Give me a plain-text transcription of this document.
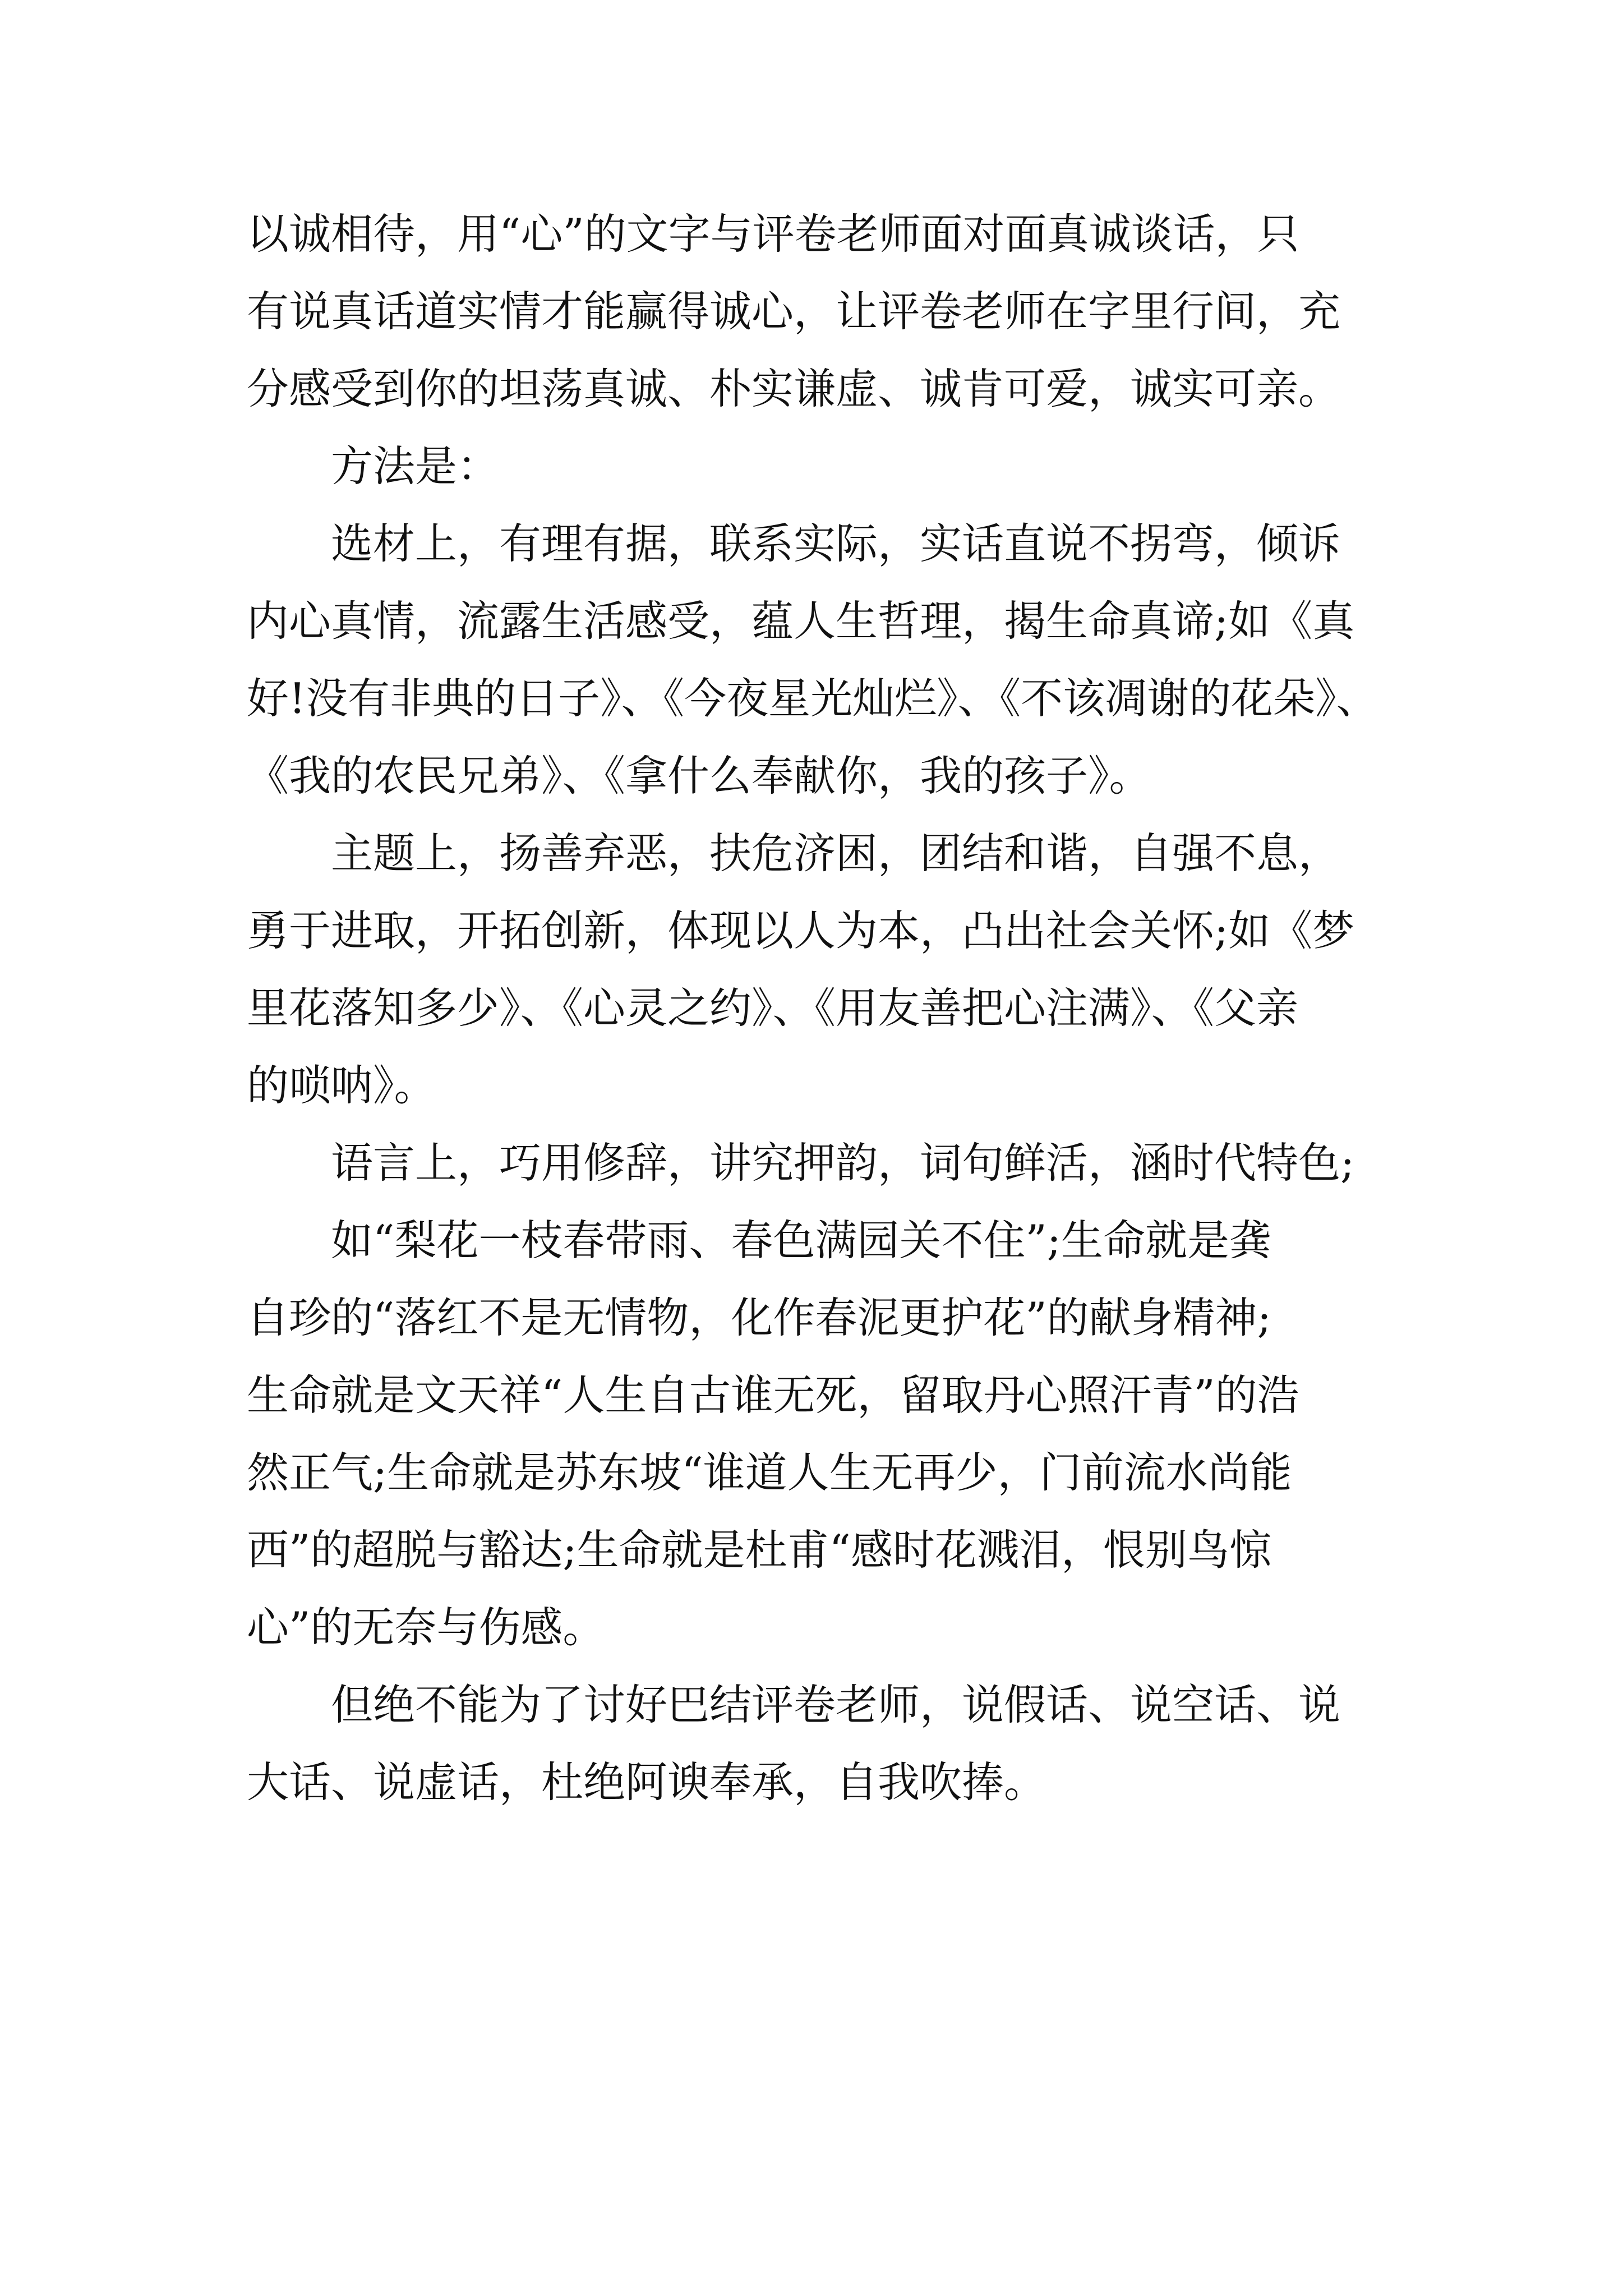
以诚相待，用“心”的文字与评卷老师面对面真诚谈话，只
有说真话道实情才能赢得诚心，让评卷老师在字里行间，充
分感受到你的坦荡真诚、朴实谦虚、诚肯可爱，诚实可亲。
方法是：
选材上，有理有据，联系实际，实话直说不拐弯，倾诉
内心真情，流露生活感受，蕴人生哲理，揭生命真谛;如《真
好!没有非典的日子》、《今夜星光灿烂》、《不该凋谢的花朵》、
《我的农民兄弟》、《拿什么奉献你，我的孩子》。
主题上，扬善弃恶，扶危济困，团结和谐，自强不息，
勇于进取，开拓创新，体现以人为本，凸出社会关怀;如《梦
里花落知多少》、《心灵之约》、《用友善把心注满》、《父亲
的唢呐》。
语言上，巧用修辞，讲究押韵，词句鲜活，涵时代特色;
如“梨花一枝春带雨、春色满园关不住”;生命就是龚
自珍的“落红不是无情物，化作春泥更护花”的献身精神;
生命就是文天祥“人生自古谁无死，留取丹心照汗青”的浩
然正气;生命就是苏东坡“谁道人生无再少，门前流水尚能
西”的超脱与豁达;生命就是杜甫“感时花溅泪，恨别鸟惊
心”的无奈与伤感。
但绝不能为了讨好巴结评卷老师，说假话、说空话、说
大话、说虚话，杜绝阿谀奉承，自我吹捧。
